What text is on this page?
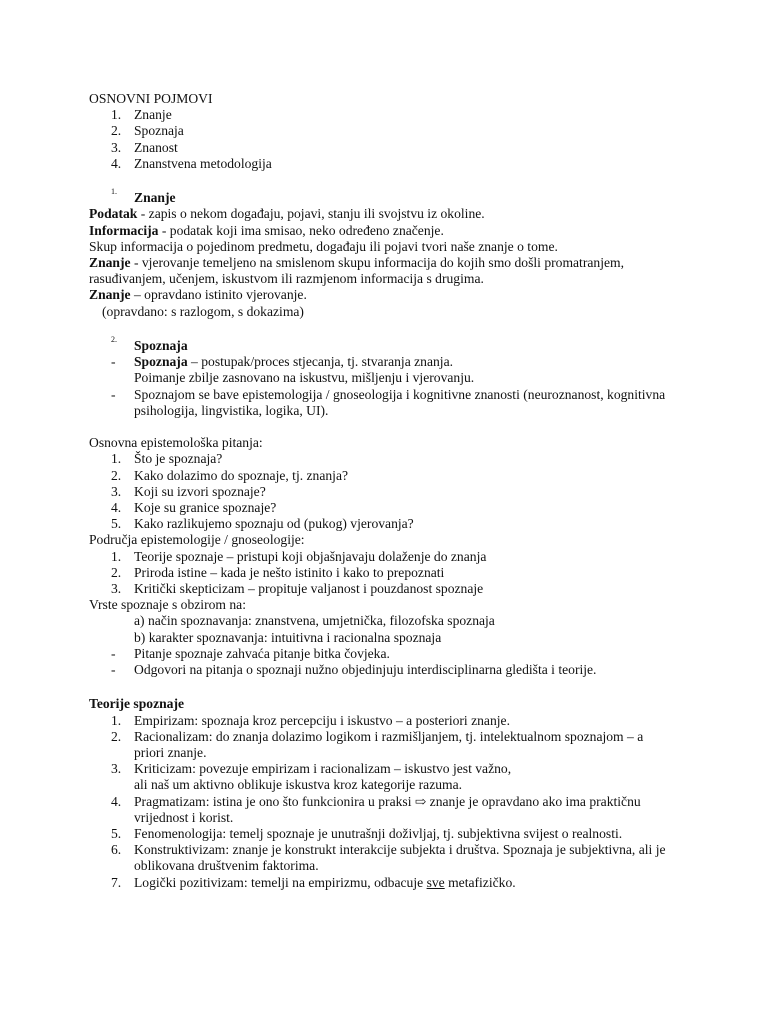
OSNOVNI POJMOVI
1. Znanje
2. Spoznaja
3. Znanost
4. Znanstvena metodologija
1.	Znanje
Podatak - zapis o nekom događaju, pojavi, stanju ili svojstvu iz okoline.
Informacija - podatak koji ima smisao, neko određeno značenje.
Skup informacija o pojedinom predmetu, događaju ili pojavi tvori naše znanje o tome.
Znanje - vjerovanje temeljeno na smislenom skupu informacija do kojih smo došli promatranjem,
rasuđivanjem, učenjem, iskustvom ili razmjenom informacija s drugima.
Znanje – opravdano istinito vjerovanje.
(opravdano: s razlogom, s dokazima)
2.	Spoznaja
-	Spoznaja – postupak/proces stjecanja, tj. stvaranja znanja.
Poimanje zbilje zasnovano na iskustvu, mišljenju i vjerovanju.
-	Spoznajom se bave epistemologija / gnoseologija i kognitivne znanosti (neuroznanost, kognitivna
psihologija, lingvistika, logika, UI).
Osnovna epistemološka pitanja:
1. Što je spoznaja?
2. Kako dolazimo do spoznaje, tj. znanja?
3. Koji su izvori spoznaje?
4. Koje su granice spoznaje?
5. Kako razlikujemo spoznaju od (pukog) vjerovanja?
Područja epistemologije / gnoseologije:
1. Teorije spoznaje – pristupi koji objašnjavaju dolaženje do znanja
2. Priroda istine – kada je nešto istinito i kako to prepoznati
3. Kritički skepticizam – propituje valjanost i pouzdanost spoznaje
Vrste spoznaje s obzirom na:
a) način spoznavanja: znanstvena, umjetnička, filozofska spoznaja
b) karakter spoznavanja: intuitivna i racionalna spoznaja
-	Pitanje spoznaje zahvaća pitanje bitka čovjeka.
-	Odgovori na pitanja o spoznaji nužno objedinjuju interdisciplinarna gledišta i teorije.
Teorije spoznaje
1. Empirizam: spoznaja kroz percepciju i iskustvo – a posteriori znanje.
2. Racionalizam: do znanja dolazimo logikom i razmišljanjem, tj. intelektualnom spoznajom – a
priori znanje.
3. Kriticizam: povezuje empirizam i racionalizam – iskustvo jest važno,
ali naš um aktivno oblikuje iskustva kroz kategorije razuma.
4. Pragmatizam: istina je ono što funkcionira u praksi ⇨ znanje je opravdano ako ima praktičnu
vrijednost i korist.
5. Fenomenologija: temelj spoznaje je unutrašnji doživljaj, tj. subjektivna svijest o realnosti.
6. Konstruktivizam: znanje je konstrukt interakcije subjekta i društva. Spoznaja je subjektivna, ali je
oblikovana društvenim faktorima.
7. Logički pozitivizam: temelji na empirizmu, odbacuje sve metafizičko.
